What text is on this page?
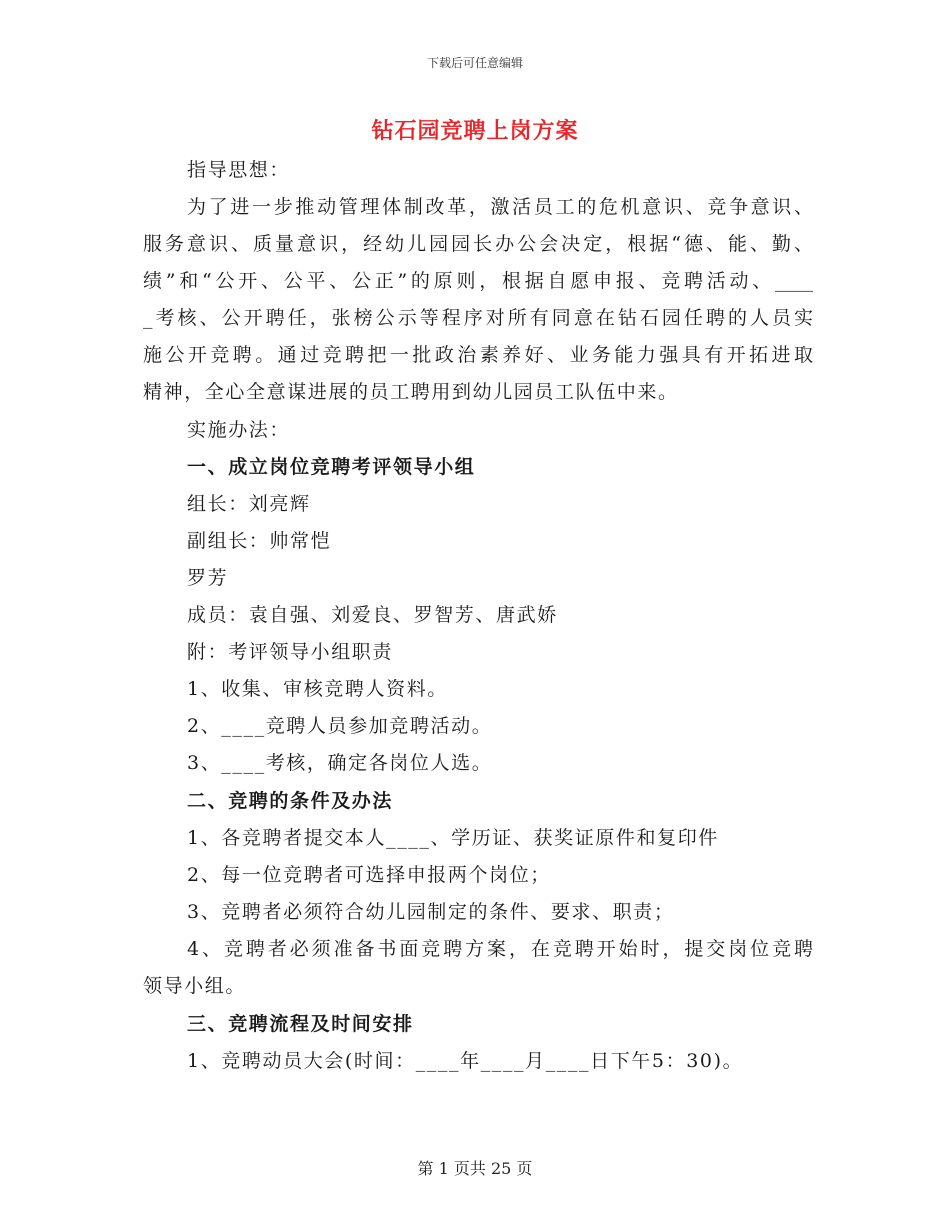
下载后可任意编辑
钻石园竞聘上岗方案
指导思想：
为了进一步推动管理体制改革，激活员工的危机意识、竞争意识、
服务意识、质量意识，经幼儿园园长办公会决定，根据“德、能、勤、
绩”和“公开、公平、公正”的原则，根据自愿申报、竞聘活动、____
_考核、公开聘任，张榜公示等程序对所有同意在钻石园任聘的人员实
施公开竞聘。通过竞聘把一批政治素养好、业务能力强具有开拓进取
精神，全心全意谋进展的员工聘用到幼儿园员工队伍中来。
实施办法：
一、成立岗位竞聘考评领导小组
组长：刘亮辉
副组长：帅常恺
罗芳
成员：袁自强、刘爱良、罗智芳、唐武娇
附：考评领导小组职责
1、收集、审核竞聘人资料。
2、____竞聘人员参加竞聘活动。
3、____考核，确定各岗位人选。
二、竞聘的条件及办法
1、各竞聘者提交本人____、学历证、获奖证原件和复印件
2、每一位竞聘者可选择申报两个岗位；
3、竞聘者必须符合幼儿园制定的条件、要求、职责；
4、竞聘者必须准备书面竞聘方案，在竞聘开始时，提交岗位竞聘
领导小组。
三、竞聘流程及时间安排
1、竞聘动员大会(时间：____年____月____日下午5：30)。
第 1 页共 25 页
